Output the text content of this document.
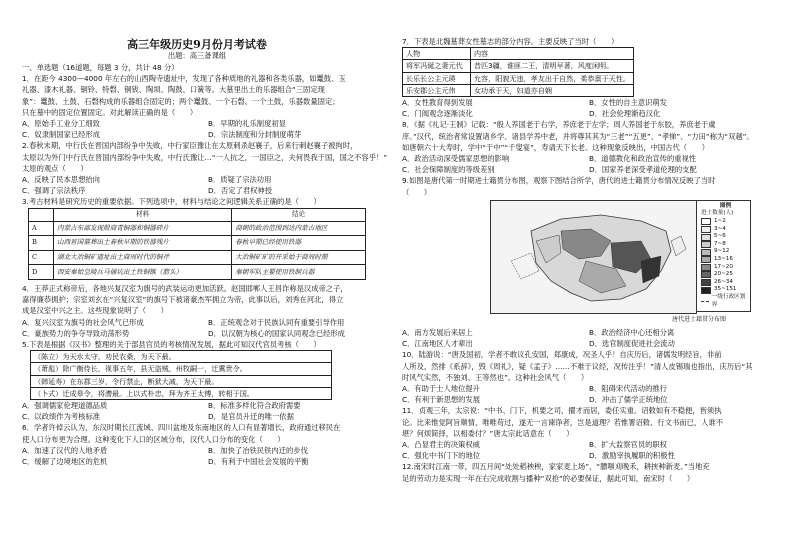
高三年级历史9月份月考试卷
出题：高三备课组

一、单选题（16道题，每题 3 分，共计 48 分）

1．在距今 4300—4000 年左右的山西陶寺遗址中，发现了各种质地的礼器和各类乐器，如鼍鼓、玉

礼器、漆木礼器、铜铃、特磬、铜钹、陶埙、陶鼓、口簧等。大墓里出土的乐器组合“三固定现

象”：鼍鼓、土鼓、石磬构成的乐器组合固定的；两个鼍鼓、一个石磬、一个土鼓，乐器数量固定；

只在墓中的固定位置固定。对此解读正确的是（　　）

A．原始手工业分工细致	B．早期的礼乐制度初显
C．奴隶制国家已经形成	D．宗法制度和分封制度萌芽

2.春秋末期，中行氏在晋国内部纷争中失败，中行家臣豫让在太原刺杀赵襄子，后来行刺赵襄子被拘时，

太原以为外门中行氏在晋国内部纷争中失败，中行氏豫让…“一人抗之，一国臣之，夫何畏我于国，国之不容乎！”

太原的观点（　　）

A．反映了民本思想抬向	B．质疑了宗法功用
C．强调了宗法秩序	D．否定了君权神授

3.考古材料是研究历史的重要依据。下列选项中，材料与结论之间逻辑关系正确的是（　　）

	材料	结论
A	内蒙古东部发现殷商青铜器和铜器碎片	商朝的政治范围到达内蒙古地区
B	山西晋国墓葬出土春秋早期的铁器残片	春秋早期已经使用铁器
C	湖北大冶铜矿遗址出土商周时代的铜斧	大冶铜矿矿的开采始于商周时期
D	西安秦始皇陵兵马俑坑出土铁铜镞（箭头）	秦朝军队主要使用铁制兵器

4．王莽正式称帝后，各地兴复汉室为旗号的武装运动更加活跃。赵国邯郸人王昌诈称是汉成帝之子，

嘉得廉恭拥护；宗室刘玄在“兴复汉室”的旗号下被诸豪杰军拥立为帝，此事以后，刘秀在河北，得立

成是汉室中兴之主。这些现象说明了（　　）

A．复兴汉室为旗号的社会风气已形成	B．正统观念对于民族认同有重要引导作用
C．豪族势力的争夺导致动荡形势	D．以汉朝为核心的国家认同观念已经形成

5.下表是根据《汉书》整理的关于部县官员的考核情况发展，据此可知汉代官员考核（　　）

（陈立）为天水太守，劝民农桑，为天下最。
（萧彪）除广衡侍长，视事五年，县无盗贼，州牧嗣一，迁冀贵令。
（韩延寿）在东郡三岁，令行禁止，断狱大减，为天下最。
（卜式）迁成皋令，将漕最。上以式朴忠，拜为齐王太傅，转相于国。
A．强调儒家伦理道德品质	B．标准多样化符合政府需要
C．以政绩作为考核标准	D．是官员升迁的唯一依据

6．学者许倬云认为，东汉时期长江流域、四川盆地及东南地区的人口有显著增长，政府通过移民在

使人口分布更为合理。这种变化下人口的区域分布，汉代人口分布的变化（　　）

A．加速了汉代的人地矛盾	B．加快了冶铁民铁内迁的步伐
C．缓解了边境地区的危机	D．有利于中国社会发展的平衡

7．下表是北魏墓葬女性墓志的部分内容。主要反映了当时（　　）

人物	内容
将军冯诞之妻元代	昔匹3疆，谁匪二王，清明早著，风度闲明。
长乐长公主元瑛	允容，阳貌无违，孝友出于自然，柔恭禀于天性。
乐安郡公主元伟	女功承于天，妇道亦自娴
A．女性教育得到发展	B．女性的自主意识萌发
C．门阀观念逐渐淡化	D．社会伦理渐趋汉化

8．《据《礼记·王制》记载：“殷人养国老于右学，养庶老于左学；周人养国老于东胶，养庶老于虞

庠。”汉代，统治者常设置诸乡学、诸县学养中老，并将尊其其为“三老”“五更”、“孝悌”、“力田”称为“双越”。

如唐朝六十大寿时，学中“于中”“千叟宴”，寿请天下长老。这种现象反映出，中国古代（　　）

A．政治活动深受儒家思想的影响	B．道德教化和政治宣传的重视性
C．社会保障制度的等级差别	D．国家养老深受孝道伦理的支配

9.如图是唐代第一时期进士籍贯分布图，观察下图结合所学，唐代的进士籍贯分布情况反映了当时

（　　）

图例
进士数量(人)
1~2
3~4
5~6
7~8
9~12
13~16
17~20
20~25
26~34
35~151
一级行政区划界
唐代进士籍贯分布图
A．南方发展后来居上	B．政治经济中心还相分离
C．江南地区人才辈出	D．选官制度促进社会流动

10．陆游说：“唐及国初，学者不敢议孔安国，郑康成，况圣人乎！自庆历后，诸儒发明经旨，非前

人所及，然排《系辞》，毁《周礼》，疑《孟子》……不难于议经，况传注乎！”清人皮锡瑞也指出，庆历后“其

时风气实然，不独刘、王等然也”。这种社会风气（　　）

A．有助于士人地位提升	B．阻碍宋代活动的推行
C．有利于新思想的发展	D．冲击了儒学正统地位

11．贞观三年，太宗说：“中书、门下，机要之司，擢才而居，委任实重。诏敕如有不稳便，皆须执

论。比来惟觉阿旨顺情，唯唯苟过，遂无一言谏诤者，岂是道理？若惟署诏敕、行文书而已，人谁不

堪？何烦简择，以相委付？”唐太宗此话意在（　　）

A．凸显君主的决策权威	B．扩大监察官员的职权
C．强化中书门下的地位	D．激励宰执履职的积极性

12.南宋时江南一带，四五月间“处处稻秧秧，家家麦上场”，“膘嗤刈晚禾，耕挟种新麦。”当地充

足的劳动力是实现一年在右完成收割与播种“双抢”的必要保证，据此可知，南宋时（　　）
